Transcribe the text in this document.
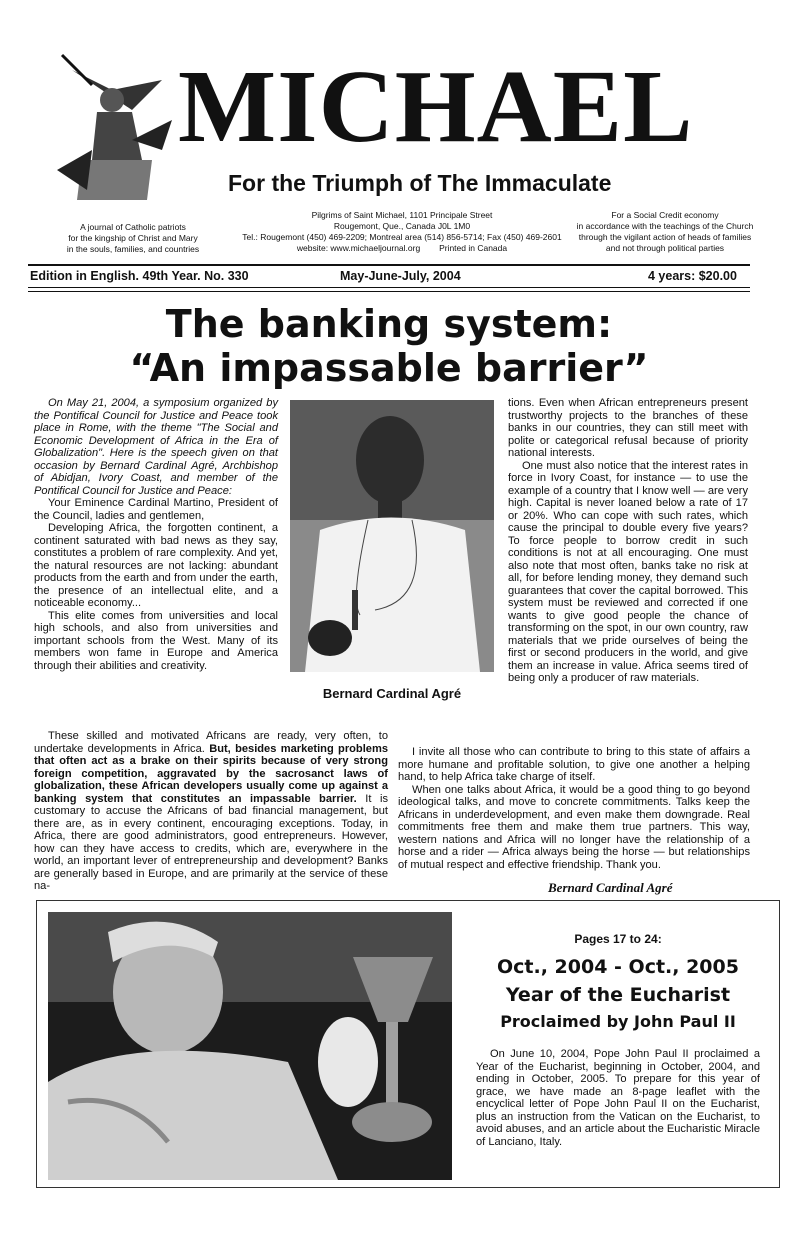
MICHAEL
For the Triumph of The Immaculate
A journal of Catholic patriots
for the kingship of Christ and Mary
in the souls, families, and countries
Pilgrims of Saint Michael, 1101 Principale Street
Rougemont, Que., Canada J0L 1M0
Tel.: Rougemont (450) 469-2209; Montreal area (514) 856-5714; Fax (450) 469-2601
website: www.michaeljournal.org        Printed in Canada
For a Social Credit economy
in accordance with the teachings of the Church
through the vigilant action of heads of families
and not through political parties
Edition in English. 49th Year. No. 330	May-June-July, 2004	4 years: $20.00
The banking system:
“An impassable barrier”

On May 21, 2004, a symposium organized by the Pontifical Council for Justice and Peace took place in Rome, with the theme "The Social and Economic Development of Africa in the Era of Globalization". Here is the speech given on that occasion by Bernard Cardinal Agré, Archbishop of Abidjan, Ivory Coast, and member of the Pontifical Council for Justice and Peace:

Your Eminence Cardinal Martino, President of the Council, ladies and gentlemen,

Developing Africa, the forgotten continent, a continent saturated with bad news as they say, constitutes a problem of rare complexity. And yet, the natural resources are not lacking: abundant products from the earth and from under the earth, the presence of an intellectual elite, and a noticeable economy...

This elite comes from universities and local high schools, and also from universities and important schools from the West. Many of its members won fame in Europe and America through their abilities and creativity.

Bernard Cardinal Agré

tions. Even when African entrepreneurs present trustworthy projects to the branches of these banks in our countries, they can still meet with polite or categorical refusal because of priority national interests.

One must also notice that the interest rates in force in Ivory Coast, for instance — to use the example of a country that I know well — are very high. Capital is never loaned below a rate of 17 or 20%. Who can cope with such rates, which cause the principal to double every five years? To force people to borrow credit in such conditions is not at all encouraging. One must also note that most often, banks take no risk at all, for before lending money, they demand such guarantees that cover the capital borrowed. This system must be reviewed and corrected if one wants to give good people the chance of transforming on the spot, in our own country, raw materials that we pride ourselves of being the first or second producers in the world, and give them an increase in value. Africa seems tired of being only a producer of raw materials.

These skilled and motivated Africans are ready, very often, to undertake developments in Africa. But, besides marketing problems that often act as a brake on their spirits because of very strong foreign competition, aggravated by the sacrosanct laws of globalization, these African developers usually come up against a banking system that constitutes an impassable barrier. It is customary to accuse the Africans of bad financial management, but there are, as in every continent, encouraging exceptions. Today, in Africa, there are good administrators, good entrepreneurs. However, how can they have access to credits, which are, everywhere in the world, an important lever of entrepreneurship and development? Banks are generally based in Europe, and are primarily at the service of these na-

I invite all those who can contribute to bring to this state of affairs a more humane and profitable solution, to give one another a helping hand, to help Africa take charge of itself.

When one talks about Africa, it would be a good thing to go beyond ideological talks, and move to concrete commitments. Talks keep the Africans in underdevelopment, and even make them downgrade. Real commitments free them and make them true partners. This way, western nations and Africa will no longer have the relationship of a horse and a rider — Africa always being the horse — but relationships of mutual respect and effective friendship. Thank you.

Bernard Cardinal Agré
Pages 17 to 24:
Oct., 2004 - Oct., 2005
Year of the Eucharist
Proclaimed by John Paul II

On June 10, 2004, Pope John Paul II proclaimed a Year of the Eucharist, beginning in October, 2004, and ending in October, 2005. To prepare for this year of grace, we have made an 8-page leaflet with the encyclical letter of Pope John Paul II on the Eucharist, plus an instruction from the Vatican on the Eucharist, to avoid abuses, and an article about the Eucharistic Miracle of Lanciano, Italy.
